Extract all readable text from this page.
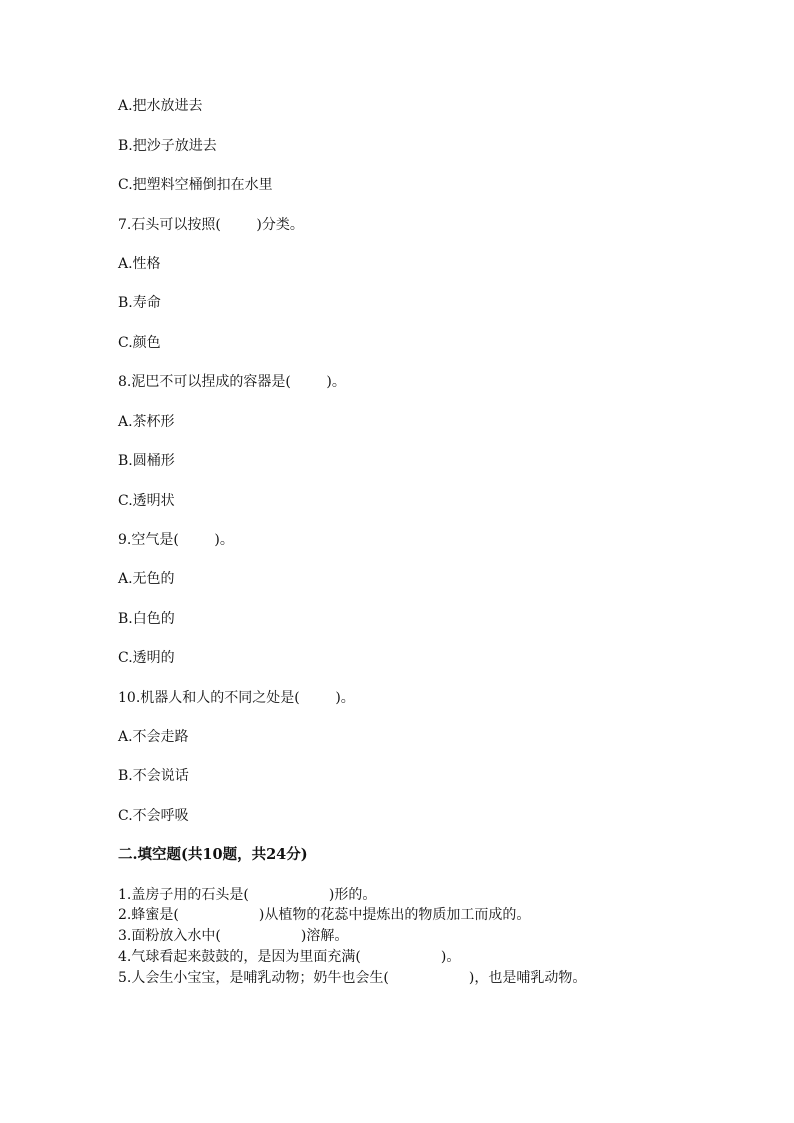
A.把水放进去
B.把沙子放进去
C.把塑料空桶倒扣在水里
7.石头可以按照(        )分类。
A.性格
B.寿命
C.颜色
8.泥巴不可以捏成的容器是(        )。
A.茶杯形
B.圆桶形
C.透明状
9.空气是(        )。
A.无色的
B.白色的
C.透明的
10.机器人和人的不同之处是(        )。
A.不会走路
B.不会说话
C.不会呼吸
二.填空题(共10题，共24分)
1.盖房子用的石头是(                  )形的。
2.蜂蜜是(                  )从植物的花蕊中提炼出的物质加工而成的。
3.面粉放入水中(                  )溶解。
4.气球看起来鼓鼓的，是因为里面充满(                  )。
5.人会生小宝宝，是哺乳动物；奶牛也会生(                  )，也是哺乳动物。
